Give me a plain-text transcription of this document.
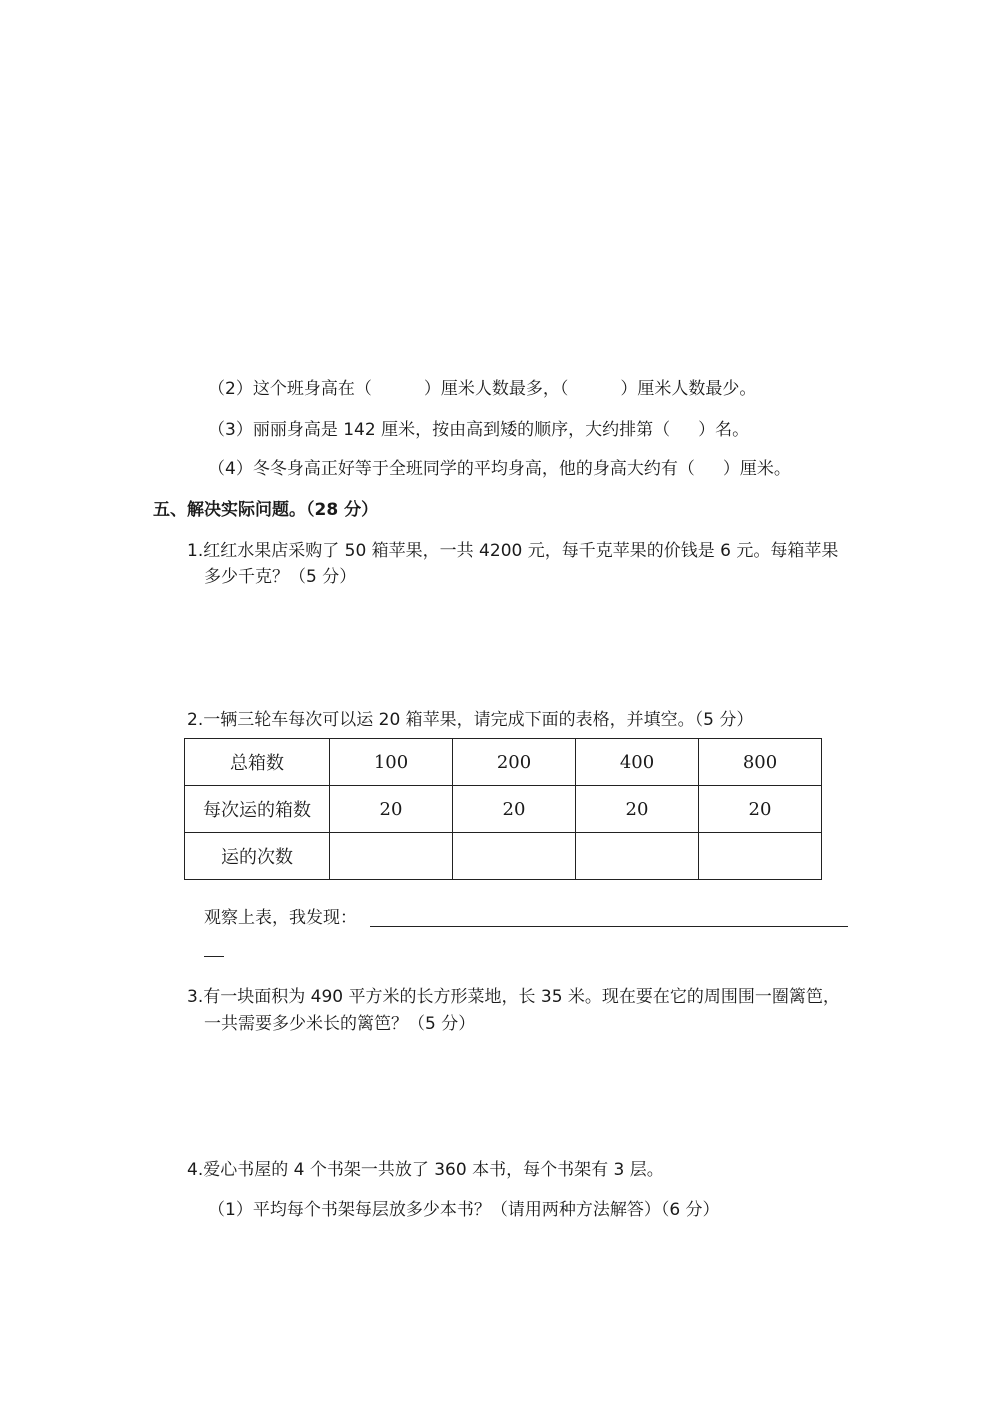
（2）这个班身高在（	）厘米人数最多，（	）厘米人数最少。
（3）丽丽身高是 142 厘米，按由高到矮的顺序，大约排第（ ）名。
（4）冬冬身高正好等于全班同学的平均身高，他的身高大约有（ ）厘米。
五、解决实际问题。（28 分）
1.红红水果店采购了 50 箱苹果，一共 4200 元，每千克苹果的价钱是 6 元。每箱苹果
多少千克？（5 分）
2.一辆三轮车每次可以运 20 箱苹果，请完成下面的表格，并填空。（5 分）
总箱数	100	200	400	800
每次运的箱数	20	20	20	20
运的次数				
观察上表，我发现：
3.有一块面积为 490 平方米的长方形菜地，长 35 米。现在要在它的周围围一圈篱笆，
一共需要多少米长的篱笆？（5 分）
4.爱心书屋的 4 个书架一共放了 360 本书，每个书架有 3 层。
（1）平均每个书架每层放多少本书？（请用两种方法解答）（6 分）
